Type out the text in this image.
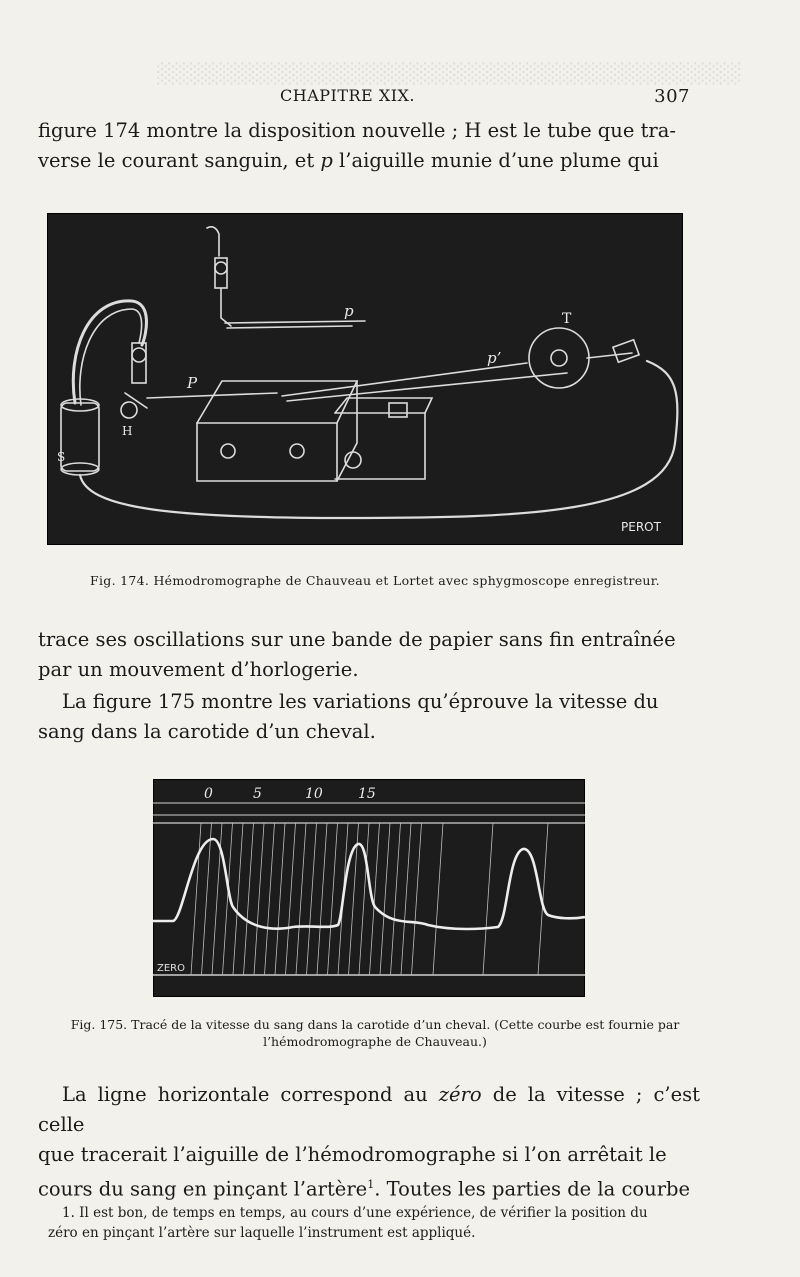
░░░░░░░░░░░░░░░░░░░░░░░░░░░░░░░░░░░░░░░░
CHAPITRE XIX.	307

figure 174 montre la disposition nouvelle ; H est le tube que tra-

verse le courant sanguin, et p l’aiguille munie d’une plume qui

p
p’
P
T
H
S
PEROT
Fig. 174. Hémodromographe de Chauveau et Lortet avec sphygmoscope enregistreur.

trace ses oscillations sur une bande de papier sans fin entraînée

par un mouvement d’horlogerie.

La figure 175 montre les variations qu’éprouve la vitesse du

sang dans la carotide d’un cheval.

0	5	10	15
ZERO
Fig. 175. Tracé de la vitesse du sang dans la carotide d’un cheval. (Cette courbe est fournie par
l’hémodromographe de Chauveau.)

La ligne horizontale correspond au zéro de la vitesse ; c’est celle

que tracerait l’aiguille de l’hémodromographe si l’on arrêtait le

cours du sang en pinçant l’artère$^1$. Toutes les parties de la courbe

1. Il est bon, de temps en temps, au cours d’une expérience, de vérifier la position du

zéro en pinçant l’artère sur laquelle l’instrument est appliqué.
